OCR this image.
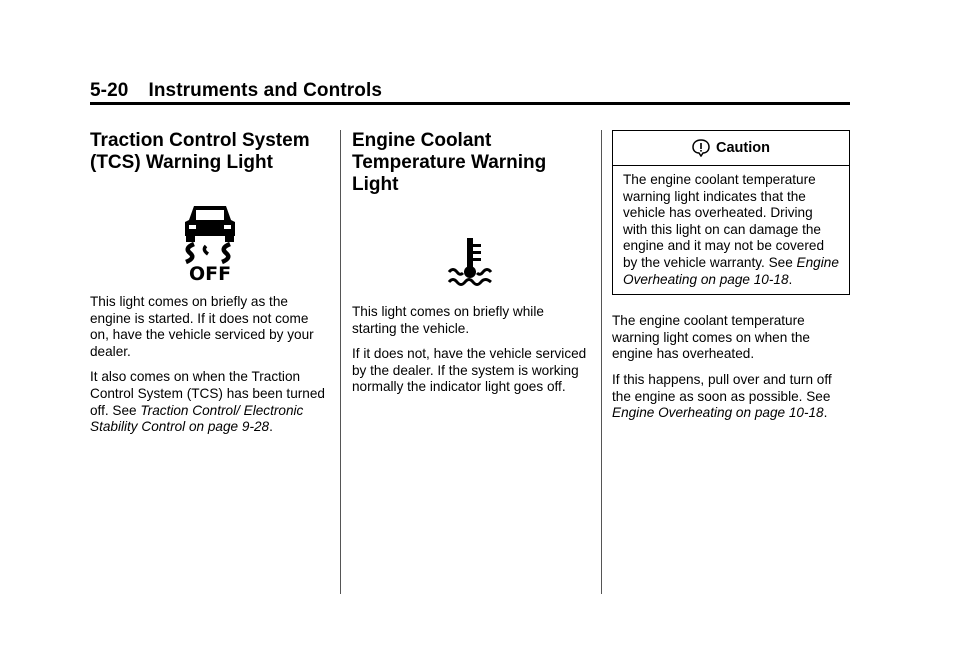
5-20 Instruments and Controls
Traction Control System
(TCS) Warning Light
OFF

This light comes on briefly as the engine is started. If it does not come on, have the vehicle serviced by your dealer.

It also comes on when the Traction Control System (TCS) has been turned off. See Traction Control/ Electronic Stability Control on page 9-28.

Engine Coolant
Temperature Warning
Light

This light comes on briefly while starting the vehicle.

If it does not, have the vehicle serviced by the dealer. If the system is working normally the indicator light goes off.

Caution

The engine coolant temperature warning light indicates that the vehicle has overheated. Driving with this light on can damage the engine and it may not be covered by the vehicle warranty. See Engine Overheating on page 10-18.

The engine coolant temperature warning light comes on when the engine has overheated.

If this happens, pull over and turn off the engine as soon as possible. See Engine Overheating on page 10-18.
